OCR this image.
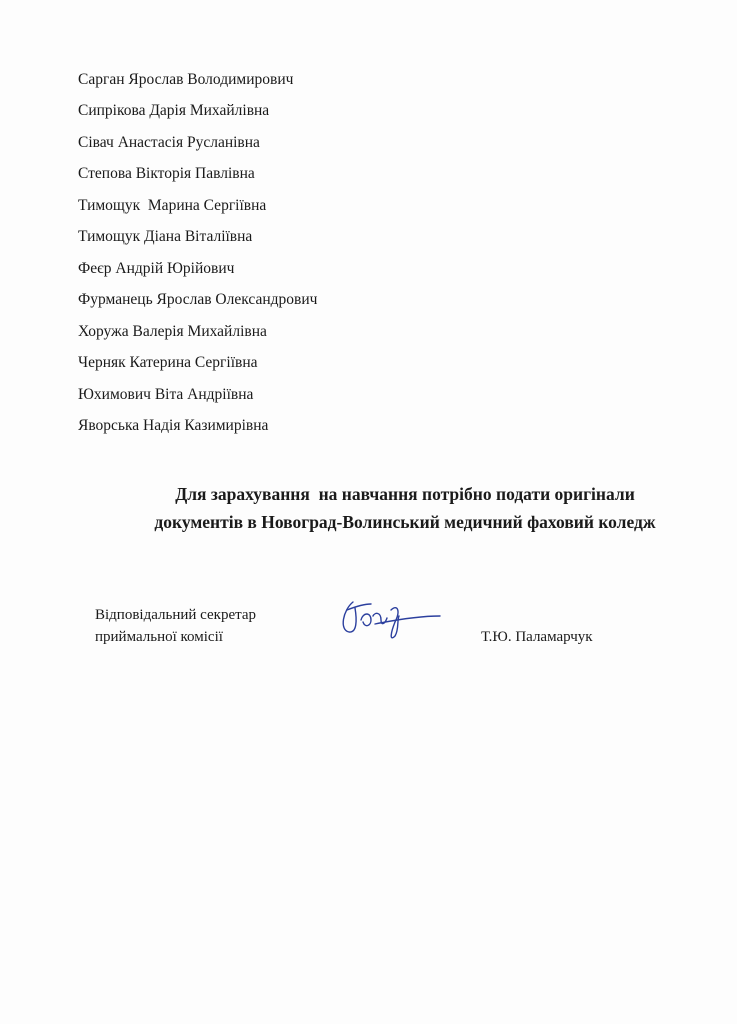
Сарган Ярослав Володимирович
Сипрікова Дарія Михайлівна
Сівач Анастасія Русланівна
Степова Вікторія Павлівна
Тимощук  Марина Сергіївна
Тимощук Діана Віталіївна
Феєр Андрій Юрійович
Фурманець Ярослав Олександрович
Хоружа Валерія Михайлівна
Черняк Катерина Сергіївна
Юхимович Віта Андріївна
Яворська Надія Казимирівна
Для зарахування  на навчання потрібно подати оригінали
документів в Новоград-Волинський медичний фаховий коледж
Відповідальний секретар
приймальної комісії	Т.Ю. Паламарчук
